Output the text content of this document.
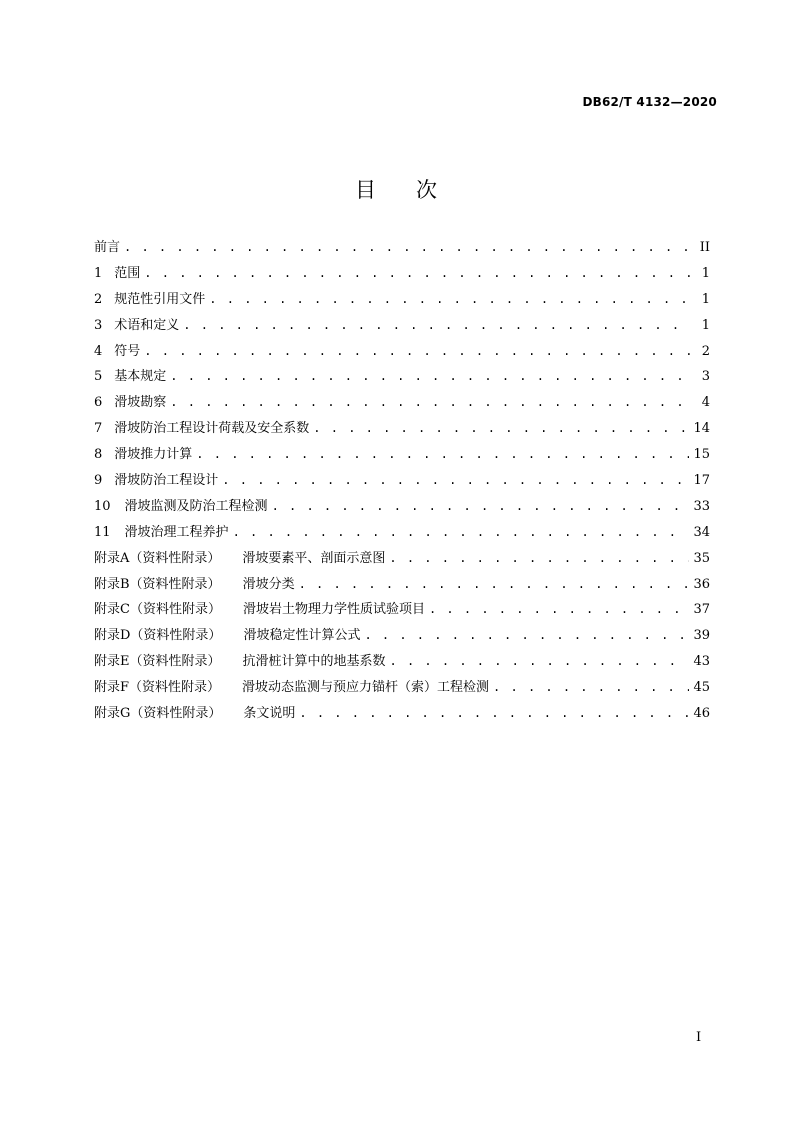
DB62/T 4132—2020
目次
前言 . . .	II
1 范围 . . .	1
2 规范性引用文件 . . .	1
3 术语和定义 . . .	1
4 符号 . . .	2
5 基本规定 . . .	3
6 滑坡勘察 . . .	4
7 滑坡防治工程设计荷载及安全系数 . . .	14
8 滑坡推力计算 . . .	15
9 滑坡防治工程设计 . . .	17
10 滑坡监测及防治工程检测 . . .	33
11 滑坡治理工程养护 . . .	34
附录A（资料性附录） 滑坡要素平、剖面示意图 . . .	35
附录B（资料性附录） 滑坡分类 . . .	36
附录C（资料性附录） 滑坡岩土物理力学性质试验项目 . . .	37
附录D（资料性附录） 滑坡稳定性计算公式 . . .	39
附录E（资料性附录） 抗滑桩计算中的地基系数 . . .	43
附录F（资料性附录） 滑坡动态监测与预应力锚杆（索）工程检测 . . .	45
附录G（资料性附录） 条文说明 . . .	46
I
